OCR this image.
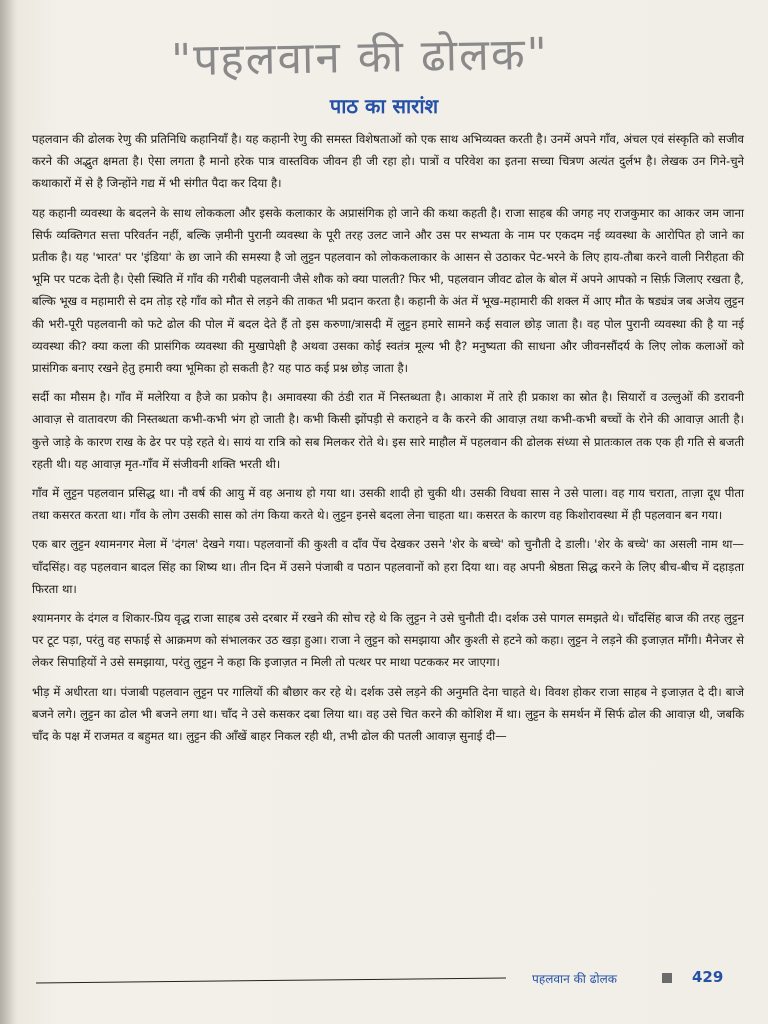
"पहलवान की ढोलक"
पाठ का सारांश

पहलवान की ढोलक रेणु की प्रतिनिधि कहानियाँ है। यह कहानी रेणु की समस्त विशेषताओं को एक साथ अभिव्यक्त करती है। उनमें अपने गाँव, अंचल एवं संस्कृति को सजीव करने की अद्भुत क्षमता है। ऐसा लगता है मानो हरेक पात्र वास्तविक जीवन ही जी रहा हो। पात्रों व परिवेश का इतना सच्चा चित्रण अत्यंत दुर्लभ है। लेखक उन गिने-चुने कथाकारों में से है जिन्होंने गद्य में भी संगीत पैदा कर दिया है।

यह कहानी व्यवस्था के बदलने के साथ लोककला और इसके कलाकार के अप्रासंगिक हो जाने की कथा कहती है। राजा साहब की जगह नए राजकुमार का आकर जम जाना सिर्फ व्यक्तिगत सत्ता परिवर्तन नहीं, बल्कि ज़मीनी पुरानी व्यवस्था के पूरी तरह उलट जाने और उस पर सभ्यता के नाम पर एकदम नई व्यवस्था के आरोपित हो जाने का प्रतीक है। यह 'भारत' पर 'इंडिया' के छा जाने की समस्या है जो लुट्टन पहलवान को लोककलाकार के आसन से उठाकर पेट-भरने के लिए हाय-तौबा करने वाली निरीहता की भूमि पर पटक देती है। ऐसी स्थिति में गाँव की गरीबी पहलवानी जैसे शौक को क्या पालती? फिर भी, पहलवान जीवट ढोल के बोल में अपने आपको न सिर्फ़ जिलाए रखता है, बल्कि भूख व महामारी से दम तोड़ रहे गाँव को मौत से लड़ने की ताकत भी प्रदान करता है। कहानी के अंत में भूख-महामारी की शक्ल में आए मौत के षड्यंत्र जब अजेय लुट्टन की भरी-पूरी पहलवानी को फटे ढोल की पोल में बदल देते हैं तो इस करुणा/त्रासदी में लुट्टन हमारे सामने कई सवाल छोड़ जाता है। वह पोल पुरानी व्यवस्था की है या नई व्यवस्था की? क्या कला की प्रासंगिक व्यवस्था की मुखापेक्षी है अथवा उसका कोई स्वतंत्र मूल्य भी है? मनुष्यता की साधना और जीवनसौंदर्य के लिए लोक कलाओं को प्रासंगिक बनाए रखने हेतु हमारी क्या भूमिका हो सकती है? यह पाठ कई प्रश्न छोड़ जाता है।

सर्दी का मौसम है। गाँव में मलेरिया व हैजे का प्रकोप है। अमावस्या की ठंडी रात में निस्तब्धता है। आकाश में तारे ही प्रकाश का स्रोत है। सियारों व उल्लुओं की डरावनी आवाज़ से वातावरण की निस्तब्धता कभी-कभी भंग हो जाती है। कभी किसी झोंपड़ी से कराहने व कै करने की आवाज़ तथा कभी-कभी बच्चों के रोने की आवाज़ आती है। कुत्ते जाड़े के कारण राख के ढेर पर पड़े रहते थे। सायं या रात्रि को सब मिलकर रोते थे। इस सारे माहौल में पहलवान की ढोलक संध्या से प्रातःकाल तक एक ही गति से बजती रहती थी। यह आवाज़ मृत-गाँव में संजीवनी शक्ति भरती थी।

गाँव में लुट्टन पहलवान प्रसिद्ध था। नौ वर्ष की आयु में वह अनाथ हो गया था। उसकी शादी हो चुकी थी। उसकी विधवा सास ने उसे पाला। वह गाय चराता, ताज़ा दूध पीता तथा कसरत करता था। गाँव के लोग उसकी सास को तंग किया करते थे। लुट्टन इनसे बदला लेना चाहता था। कसरत के कारण वह किशोरावस्था में ही पहलवान बन गया।

एक बार लुट्टन श्यामनगर मेला में 'दंगल' देखने गया। पहलवानों की कुश्ती व दाँव पेंच देखकर उसने 'शेर के बच्चे' को चुनौती दे डाली। 'शेर के बच्चे' का असली नाम था—चाँदसिंह। वह पहलवान बादल सिंह का शिष्य था। तीन दिन में उसने पंजाबी व पठान पहलवानों को हरा दिया था। वह अपनी श्रेष्ठता सिद्ध करने के लिए बीच-बीच में दहाड़ता फिरता था।

श्यामनगर के दंगल व शिकार-प्रिय वृद्ध राजा साहब उसे दरबार में रखने की सोच रहे थे कि लुट्टन ने उसे चुनौती दी। दर्शक उसे पागल समझते थे। चाँदसिंह बाज की तरह लुट्टन पर टूट पड़ा, परंतु वह सफाई से आक्रमण को संभालकर उठ खड़ा हुआ। राजा ने लुट्टन को समझाया और कुश्ती से हटने को कहा। लुट्टन ने लड़ने की इजाज़त माँगी। मैनेजर से लेकर सिपाहियों ने उसे समझाया, परंतु लुट्टन ने कहा कि इजाज़त न मिली तो पत्थर पर माथा पटककर मर जाएगा।

भीड़ में अधीरता था। पंजाबी पहलवान लुट्टन पर गालियों की बौछार कर रहे थे। दर्शक उसे लड़ने की अनुमति देना चाहते थे। विवश होकर राजा साहब ने इजाज़त दे दी। बाजे बजने लगे। लुट्टन का ढोल भी बजने लगा था। चाँद ने उसे कसकर दबा लिया था। वह उसे चित करने की कोशिश में था। लुट्टन के समर्थन में सिर्फ ढोल की आवाज़ थी, जबकि चाँद के पक्ष में राजमत व बहुमत था। लुट्टन की आँखें बाहर निकल रही थी, तभी ढोल की पतली आवाज़ सुनाई दी—

पहलवान की ढोलक	429
